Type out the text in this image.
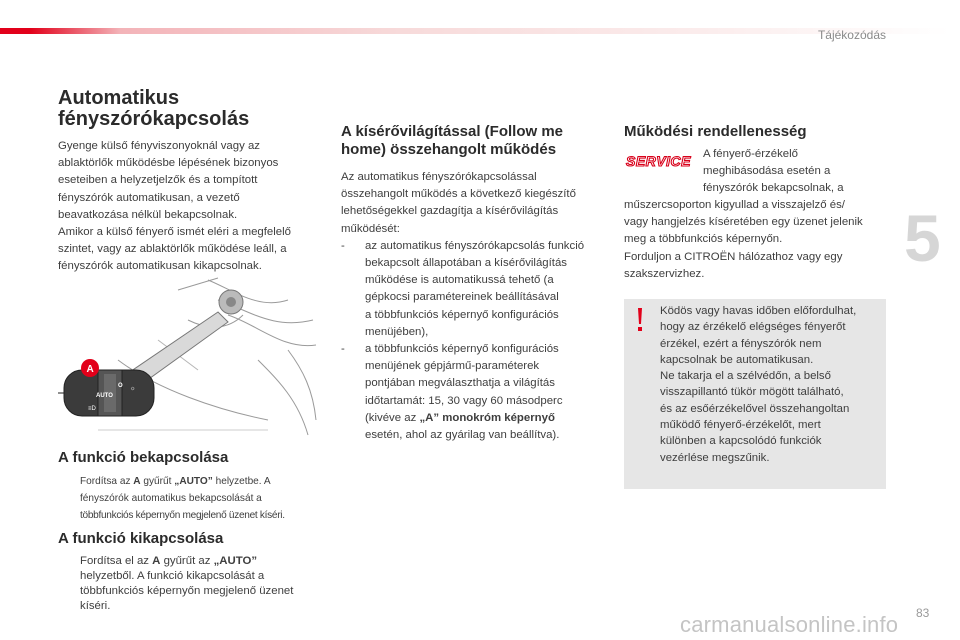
Tájékozódás
5
Automatikus
fényszórókapcsolás

Gyenge külső fényviszonyoknál vagy az

ablaktörlők működésbe lépésének bizonyos

eseteiben a helyzetjelzők és a tompított

fényszórók automatikusan, a vezető

beavatkozása nélkül bekapcsolnak.

Amikor a külső fényerő ismét eléri a megfelelő

szintet, vagy az ablaktörlők működése leáll, a

fényszórók automatikusan kikapcsolnak.

O
AUTO
≡D
☼
A
A funkció bekapcsolása
Fordítsa az A gyűrűt „AUTO” helyzetbe. A
fényszórók automatikus bekapcsolását a
többfunkciós képernyőn megjelenő üzenet kíséri.
A funkció kikapcsolása
Fordítsa el az A gyűrűt az „AUTO”
helyzetből. A funkció kikapcsolását a
többfunkciós képernyőn megjelenő üzenet
kíséri.
A kísérővilágítással (Follow me
home) összehangolt működés

Az automatikus fényszórókapcsolással

összehangolt működés a következő kiegészítő

lehetőségekkel gazdagítja a kísérővilágítás

működését:

- az automatikus fényszórókapcsolás funkció
bekapcsolt állapotában a kísérővilágítás
működése is automatikussá tehető (a
gépkocsi paramétereinek beállításával
a többfunkciós képernyő konfigurációs
menüjében),
- a többfunkciós képernyő konfigurációs
menüjének gépjármű-paraméterek
pontjában megválaszthatja a világítás
időtartamát: 15, 30 vagy 60 másodperc
(kivéve az „A” monokróm képernyő
esetén, ahol az gyárilag van beállítva).
Működési rendellenesség
SERVICE A fényerő-érzékelő

meghibásodása esetén a

fényszórók bekapcsolnak, a

műszercsoporton kigyullad a visszajelző és/

vagy hangjelzés kíséretében egy üzenet jelenik

meg a többfunkciós képernyőn.

Forduljon a CITROËN hálózathoz vagy egy

szakszervizhez.

Ködös vagy havas időben előfordulhat,

hogy az érzékelő elégséges fényerőt

érzékel, ezért a fényszórók nem

kapcsolnak be automatikusan.

Ne takarja el a szélvédőn, a belső

visszapillantó tükör mögött található,

és az esőérzékelővel összehangoltan

működő fényerő-érzékelőt, mert

különben a kapcsolódó funkciók

vezérlése megszűnik.

83
carmanualsonline.info
